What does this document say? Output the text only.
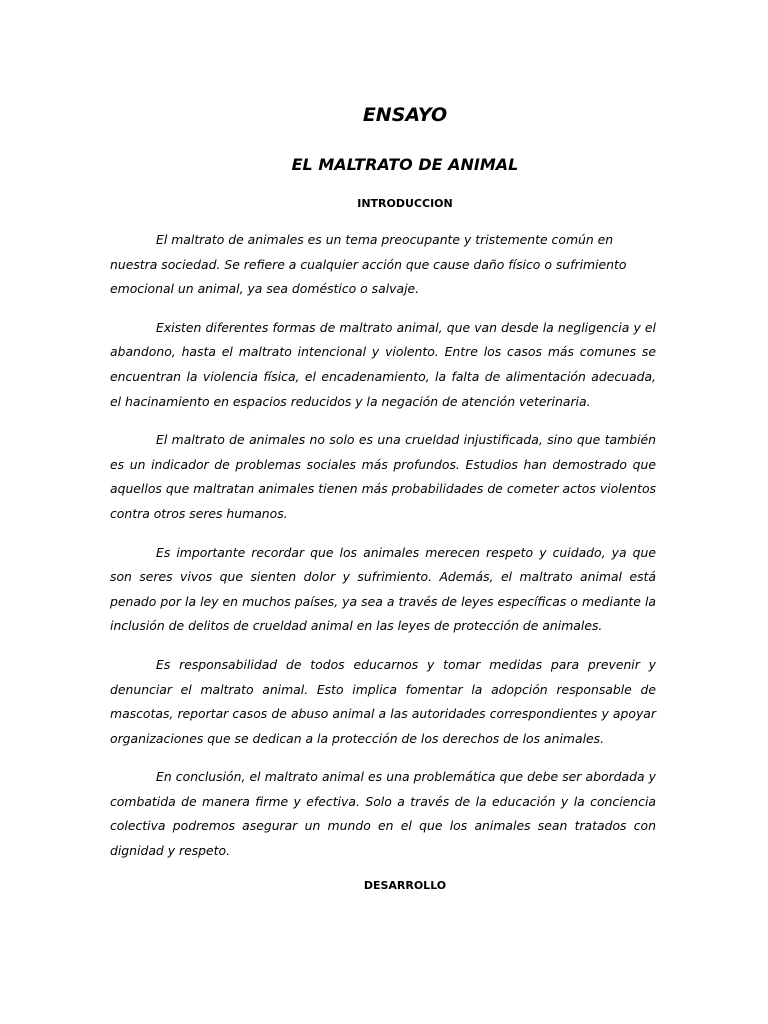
ENSAYO
EL MALTRATO DE ANIMAL
INTRODUCCION

El maltrato de animales es un tema preocupante y tristemente común en nuestra sociedad. Se refiere a cualquier acción que cause daño físico o sufrimiento emocional un animal, ya sea doméstico o salvaje.

Existen diferentes formas de maltrato animal, que van desde la negligencia y el abandono, hasta el maltrato intencional y violento. Entre los casos más comunes se encuentran la violencia física, el encadenamiento, la falta de alimentación adecuada, el hacinamiento en espacios reducidos y la negación de atención veterinaria.

El maltrato de animales no solo es una crueldad injustificada, sino que también es un indicador de problemas sociales más profundos. Estudios han demostrado que aquellos que maltratan animales tienen más probabilidades de cometer actos violentos contra otros seres humanos.

Es importante recordar que los animales merecen respeto y cuidado, ya que son seres vivos que sienten dolor y sufrimiento. Además, el maltrato animal está penado por la ley en muchos países, ya sea a través de leyes específicas o mediante la inclusión de delitos de crueldad animal en las leyes de protección de animales.

Es responsabilidad de todos educarnos y tomar medidas para prevenir y denunciar el maltrato animal. Esto implica fomentar la adopción responsable de mascotas, reportar casos de abuso animal a las autoridades correspondientes y apoyar organizaciones que se dedican a la protección de los derechos de los animales.

En conclusión, el maltrato animal es una problemática que debe ser abordada y combatida de manera firme y efectiva. Solo a través de la educación y la conciencia colectiva podremos asegurar un mundo en el que los animales sean tratados con dignidad y respeto.

DESARROLLO
